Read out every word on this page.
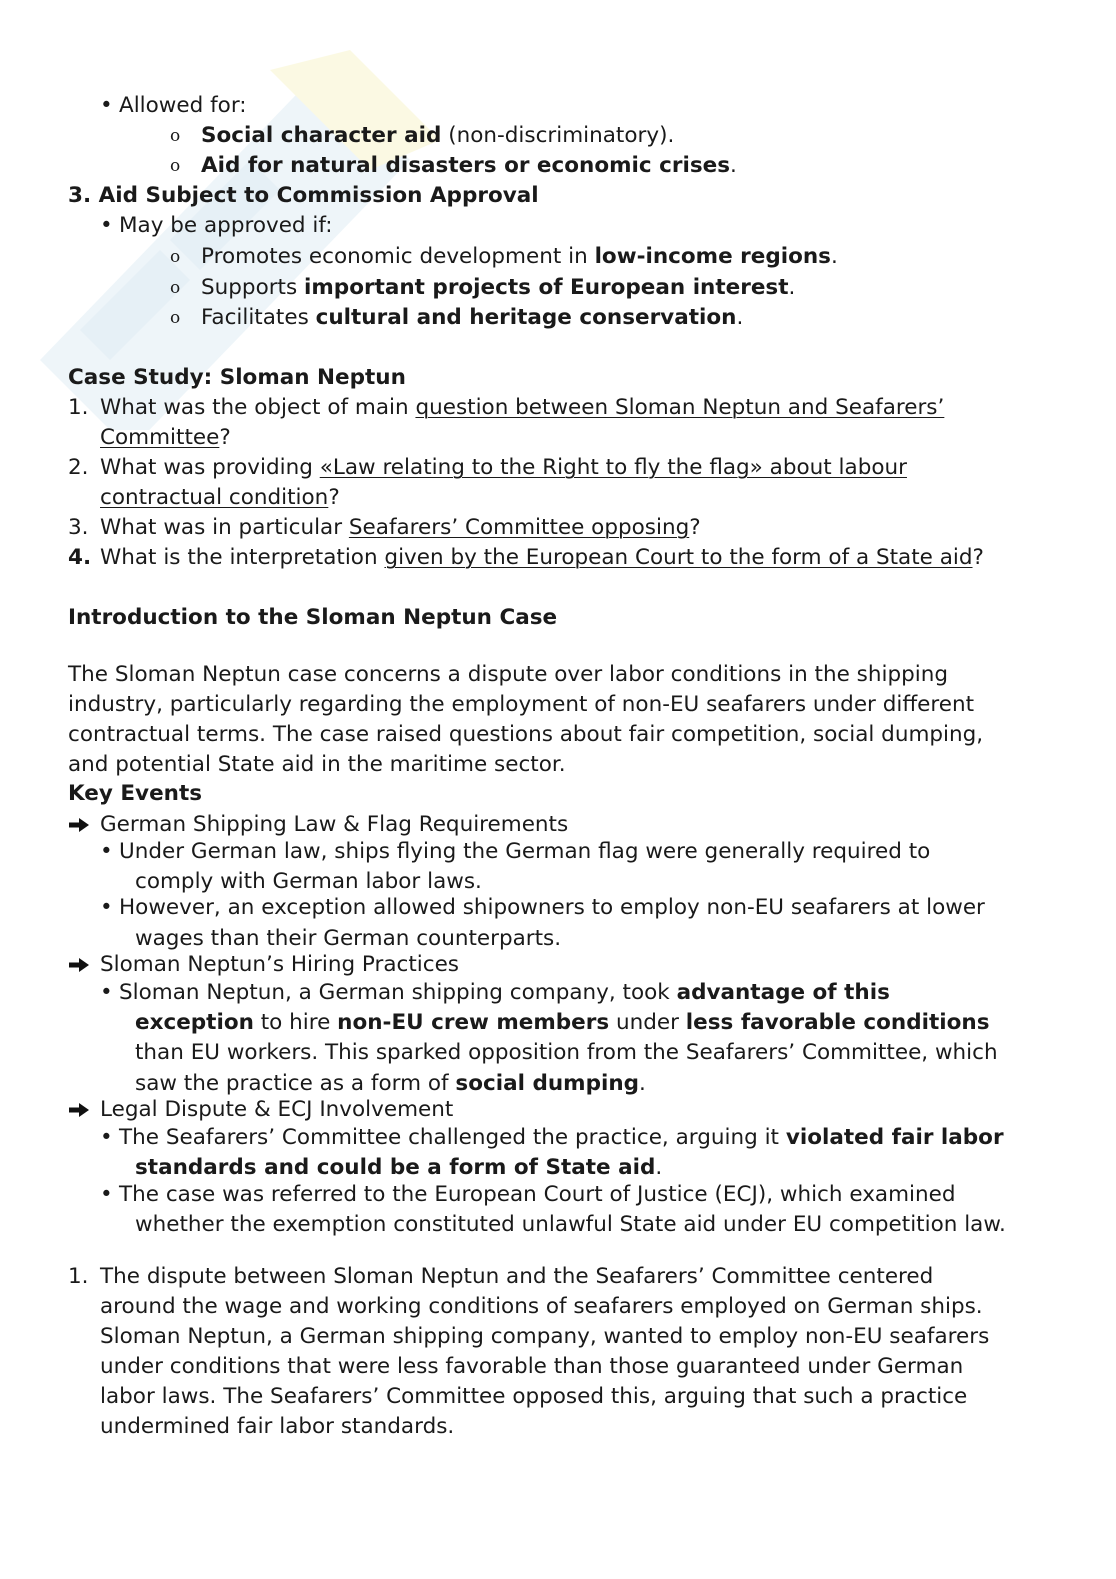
• Allowed for:
o Social character aid (non-discriminatory).
o Aid for natural disasters or economic crises.
3. Aid Subject to Commission Approval
• May be approved if:
o Promotes economic development in low-income regions.
o Supports important projects of European interest.
o Facilitates cultural and heritage conservation.
Case Study: Sloman Neptun
1. What was the object of main question between Sloman Neptun and Seafarers’
Committee?
2. What was providing «Law relating to the Right to fly the flag» about labour
contractual condition?
3. What was in particular Seafarers’ Committee opposing?
4. What is the interpretation given by the European Court to the form of a State aid?
Introduction to the Sloman Neptun Case
The Sloman Neptun case concerns a dispute over labor conditions in the shipping
industry, particularly regarding the employment of non-EU seafarers under different
contractual terms. The case raised questions about fair competition, social dumping,
and potential State aid in the maritime sector.
Key Events
German Shipping Law & Flag Requirements
• Under German law, ships flying the German flag were generally required to
comply with German labor laws.
• However, an exception allowed shipowners to employ non-EU seafarers at lower
wages than their German counterparts.
Sloman Neptun’s Hiring Practices
• Sloman Neptun, a German shipping company, took advantage of this
exception to hire non-EU crew members under less favorable conditions
than EU workers. This sparked opposition from the Seafarers’ Committee, which
saw the practice as a form of social dumping.
Legal Dispute & ECJ Involvement
• The Seafarers’ Committee challenged the practice, arguing it violated fair labor
standards and could be a form of State aid.
• The case was referred to the European Court of Justice (ECJ), which examined
whether the exemption constituted unlawful State aid under EU competition law.
1. The dispute between Sloman Neptun and the Seafarers’ Committee centered
around the wage and working conditions of seafarers employed on German ships.
Sloman Neptun, a German shipping company, wanted to employ non-EU seafarers
under conditions that were less favorable than those guaranteed under German
labor laws. The Seafarers’ Committee opposed this, arguing that such a practice
undermined fair labor standards.
